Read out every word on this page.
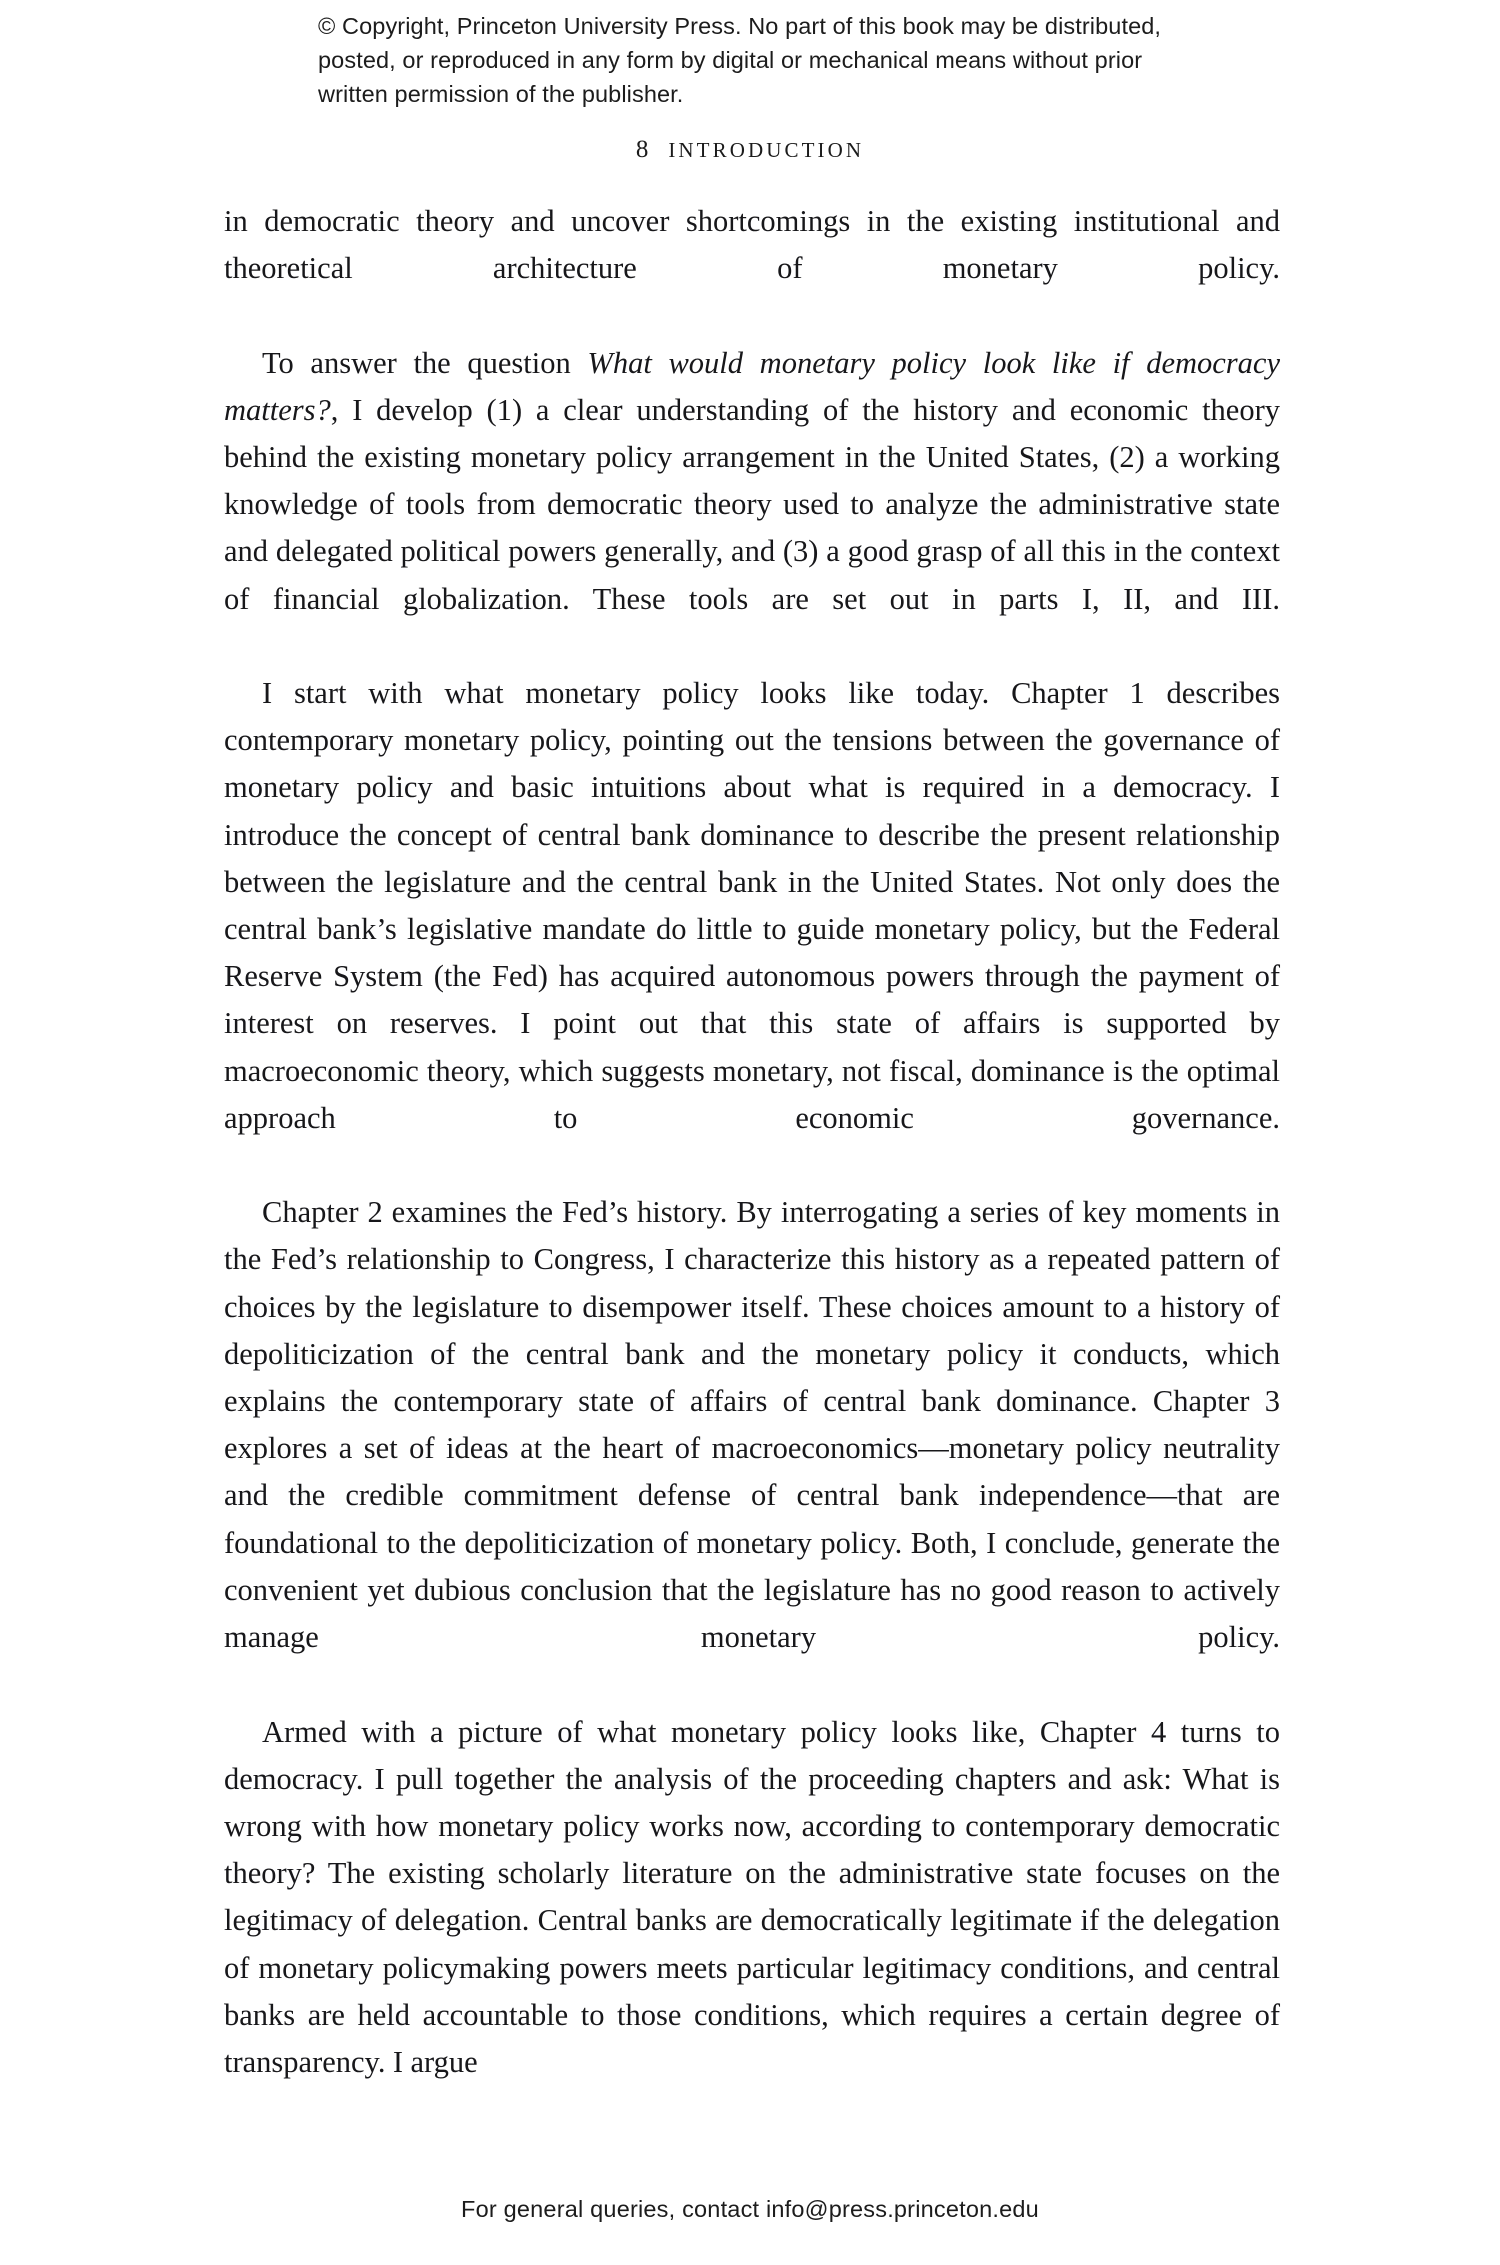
© Copyright, Princeton University Press. No part of this book may be distributed, posted, or reproduced in any form by digital or mechanical means without prior written permission of the publisher.
8 INTRODUCTION

in democratic theory and uncover shortcomings in the existing institutional and theoretical architecture of monetary policy.

To answer the question What would monetary policy look like if democracy matters?, I develop (1) a clear understanding of the history and economic theory behind the existing monetary policy arrangement in the United States, (2) a working knowledge of tools from democratic theory used to analyze the administrative state and delegated political powers generally, and (3) a good grasp of all this in the context of financial globalization. These tools are set out in parts I, II, and III.

I start with what monetary policy looks like today. Chapter 1 describes contemporary monetary policy, pointing out the tensions between the governance of monetary policy and basic intuitions about what is required in a democracy. I introduce the concept of central bank dominance to describe the present relationship between the legislature and the central bank in the United States. Not only does the central bank’s legislative mandate do little to guide monetary policy, but the Federal Reserve System (the Fed) has acquired autonomous powers through the payment of interest on reserves. I point out that this state of affairs is supported by macroeconomic theory, which suggests monetary, not fiscal, dominance is the optimal approach to economic governance.

Chapter 2 examines the Fed’s history. By interrogating a series of key moments in the Fed’s relationship to Congress, I characterize this history as a repeated pattern of choices by the legislature to disempower itself. These choices amount to a history of depoliticization of the central bank and the monetary policy it conducts, which explains the contemporary state of affairs of central bank dominance. Chapter 3 explores a set of ideas at the heart of macroeconomics—monetary policy neutrality and the credible commitment defense of central bank independence—that are foundational to the depoliticization of monetary policy. Both, I conclude, generate the convenient yet dubious conclusion that the legislature has no good reason to actively manage monetary policy.

Armed with a picture of what monetary policy looks like, Chapter 4 turns to democracy. I pull together the analysis of the proceeding chapters and ask: What is wrong with how monetary policy works now, according to contemporary democratic theory? The existing scholarly literature on the administrative state focuses on the legitimacy of delegation. Central banks are democratically legitimate if the delegation of monetary policymaking powers meets particular legitimacy conditions, and central banks are held accountable to those conditions, which requires a certain degree of transparency. I argue

For general queries, contact info@press.princeton.edu
